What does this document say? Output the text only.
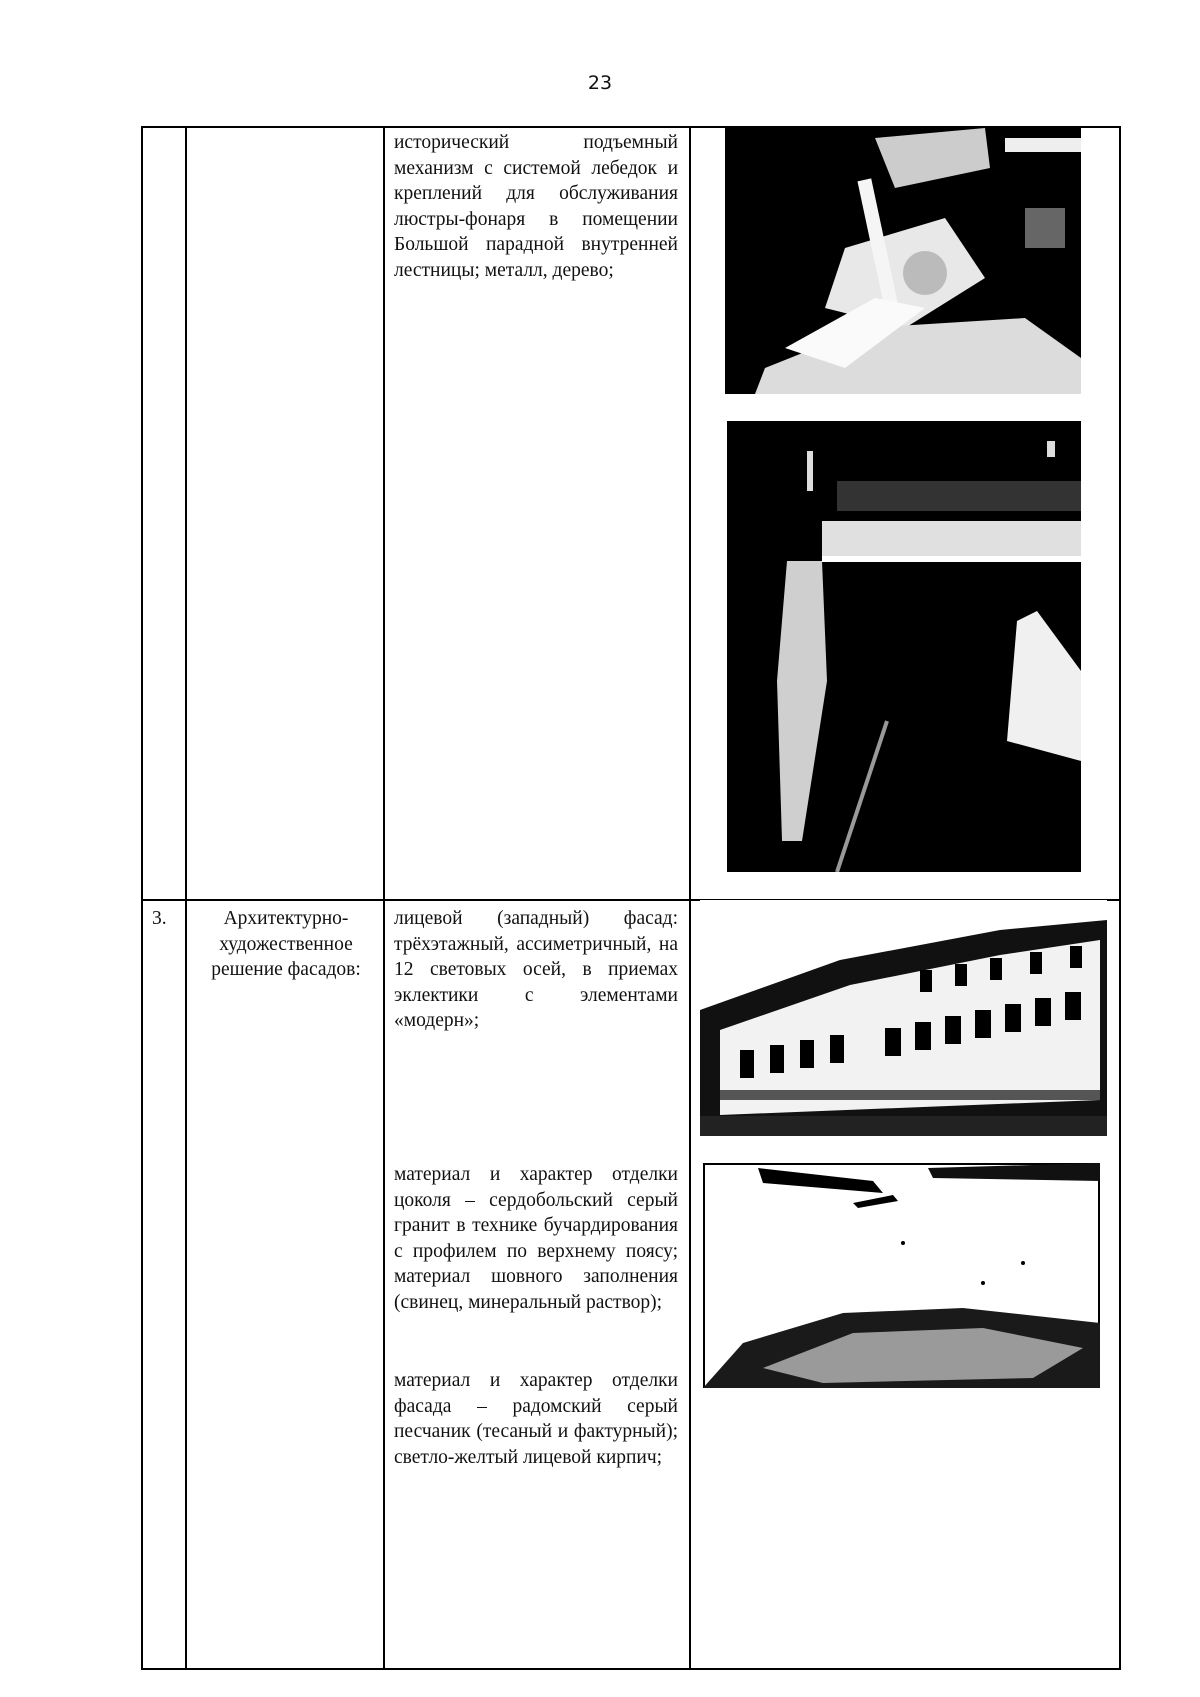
23
исторический подъемный механизм с системой лебедок и креплений для обслуживания люстры-фонаря в помещении Большой парадной внутренней лестницы; металл, дерево;
3.	Архитектурно-художественное решение фасадов:
лицевой (западный) фасад: трёхэтажный, ассиметричный, на 12 световых осей, в приемах эклектики с элементами «модерн»;
материал и характер отделки цоколя – сердобольский серый гранит в технике бучардирования с профилем по верхнему поясу; материал шовного заполнения (свинец, минеральный раствор);
материал и характер отделки фасада – радомский серый песчаник (тесаный и фактурный); светло-желтый лицевой кирпич;
